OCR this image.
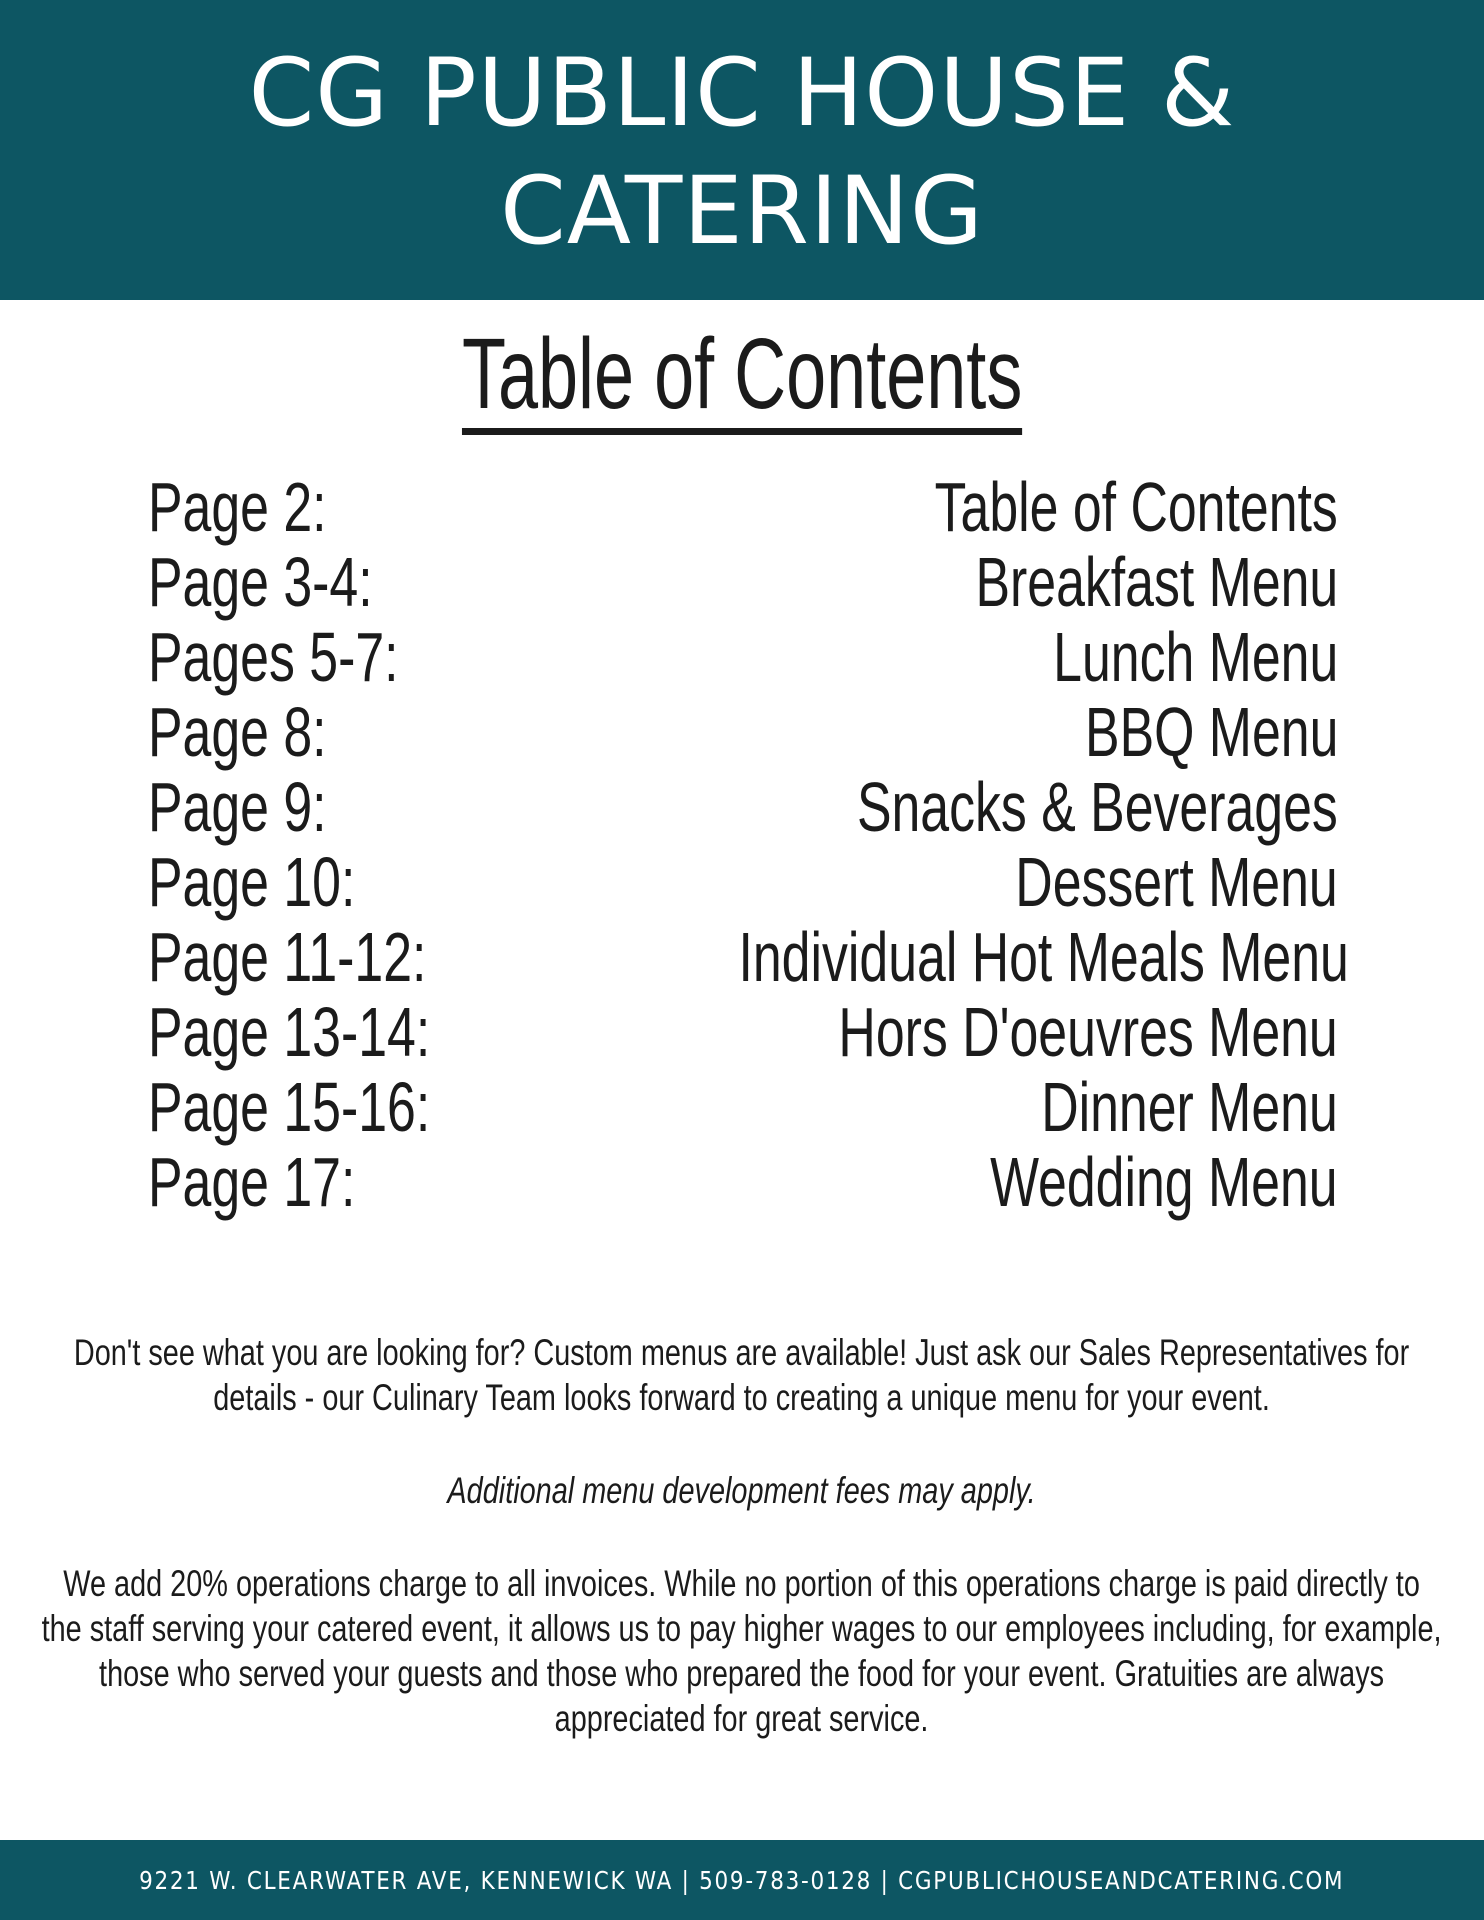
CG PUBLIC HOUSE &
CATERING
Table of Contents
Page 2:	Table of Contents
Page 3-4:	Breakfast Menu
Pages 5-7:	Lunch Menu
Page 8:	BBQ Menu
Page 9:	Snacks & Beverages
Page 10:	Dessert Menu
Page 11-12:	Individual Hot Meals Menu
Page 13-14:	Hors D'oeuvres Menu
Page 15-16:	Dinner Menu
Page 17:	Wedding Menu

Don't see what you are looking for? Custom menus are available! Just ask our Sales Representatives for details - our Culinary Team looks forward to creating a unique menu for your event.

Additional menu development fees may apply.

We add 20% operations charge to all invoices. While no portion of this operations charge is paid directly to the staff serving your catered event, it allows us to pay higher wages to our employees including, for example, those who served your guests and those who prepared the food for your event. Gratuities are always appreciated for great service.

9221 W. CLEARWATER AVE, KENNEWICK WA | 509-783-0128 | CGPUBLICHOUSEANDCATERING.COM
